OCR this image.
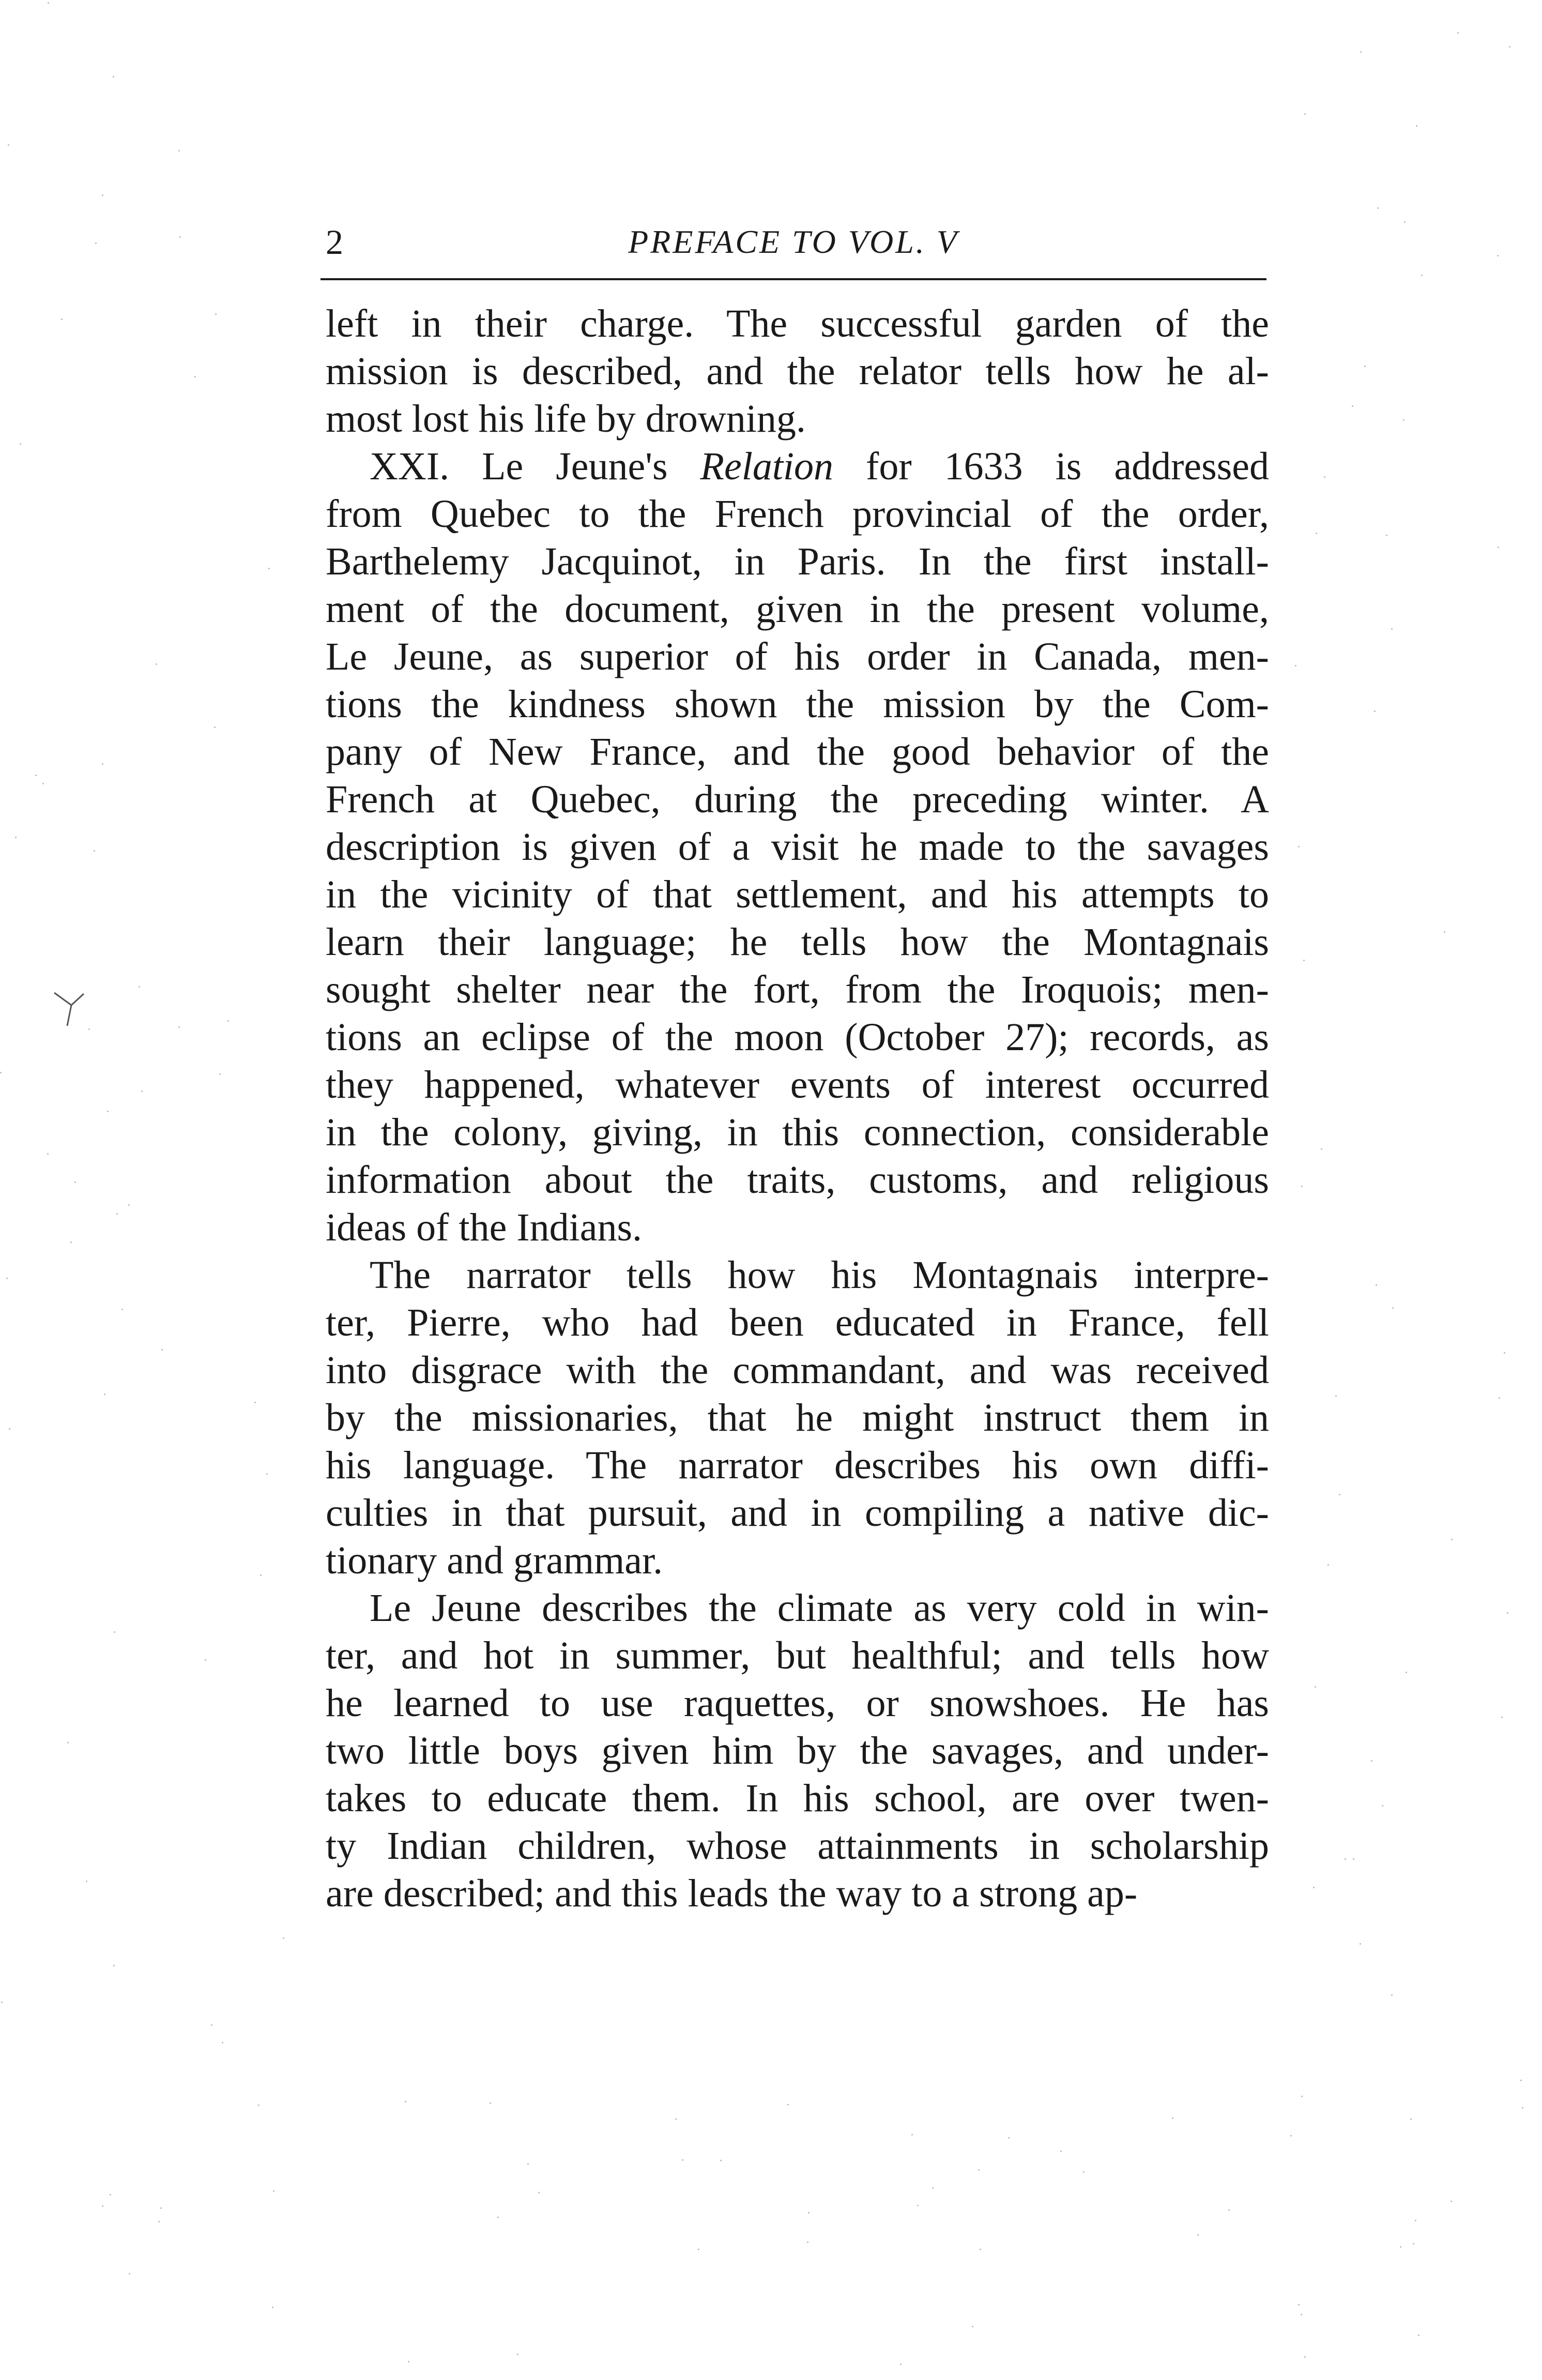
2	PREFACE TO VOL. V
left in their charge. The successful garden of the
mission is described, and the relator tells how he al-
most lost his life by drowning.
XXI. Le Jeune's Relation for 1633 is addressed
from Quebec to the French provincial of the order,
Barthelemy Jacquinot, in Paris. In the first install-
ment of the document, given in the present volume,
Le Jeune, as superior of his order in Canada, men-
tions the kindness shown the mission by the Com-
pany of New France, and the good behavior of the
French at Quebec, during the preceding winter. A
description is given of a visit he made to the savages
in the vicinity of that settlement, and his attempts to
learn their language; he tells how the Montagnais
sought shelter near the fort, from the Iroquois; men-
tions an eclipse of the moon (October 27); records, as
they happened, whatever events of interest occurred
in the colony, giving, in this connection, considerable
information about the traits, customs, and religious
ideas of the Indians.
The narrator tells how his Montagnais interpre-
ter, Pierre, who had been educated in France, fell
into disgrace with the commandant, and was received
by the missionaries, that he might instruct them in
his language. The narrator describes his own diffi-
culties in that pursuit, and in compiling a native dic-
tionary and grammar.
Le Jeune describes the climate as very cold in win-
ter, and hot in summer, but healthful; and tells how
he learned to use raquettes, or snowshoes. He has
two little boys given him by the savages, and under-
takes to educate them. In his school, are over twen-
ty Indian children, whose attainments in scholarship
are described; and this leads the way to a strong ap-
